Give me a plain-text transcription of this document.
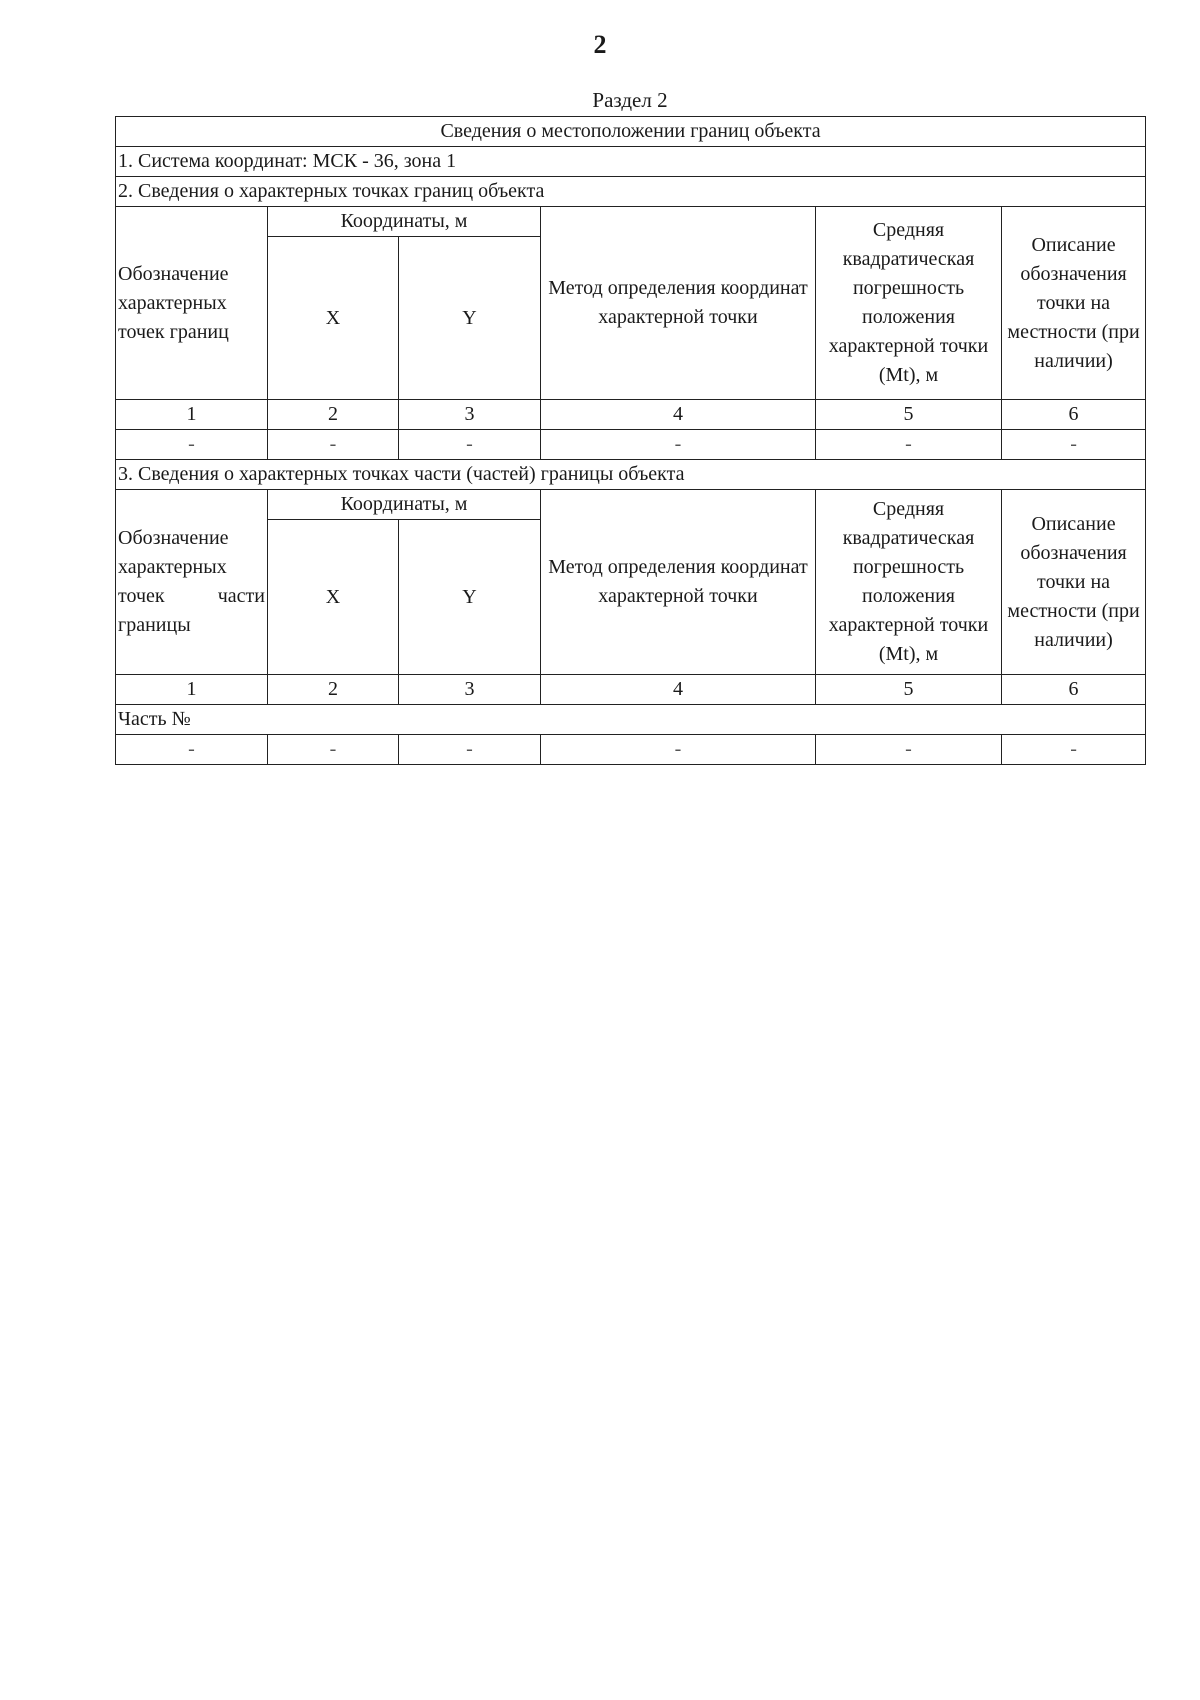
2
Раздел 2
Сведения о местоположении границ объекта					
1. Система координат: МСК - 36, зона 1					
2. Сведения о характерных точках границ объекта					
Обозначение характерных точек границ	Координаты, м		Метод определения координат характерной точки	Средняя квадратическая погрешность положения характерной точки (Mt), м	Описание обозначения точки на местности (при наличии)
	X	Y			
1	2	3	4	5	6
-	-	-	-	-	-
3. Сведения о характерных точках части (частей) границы объекта					
Обозначение характерных точек части границы	Координаты, м		Метод определения координат характерной точки	Средняя квадратическая погрешность положения характерной точки (Mt), м	Описание обозначения точки на местности (при наличии)
	X	Y			
1	2	3	4	5	6
Часть №					
-	-	-	-	-	-
